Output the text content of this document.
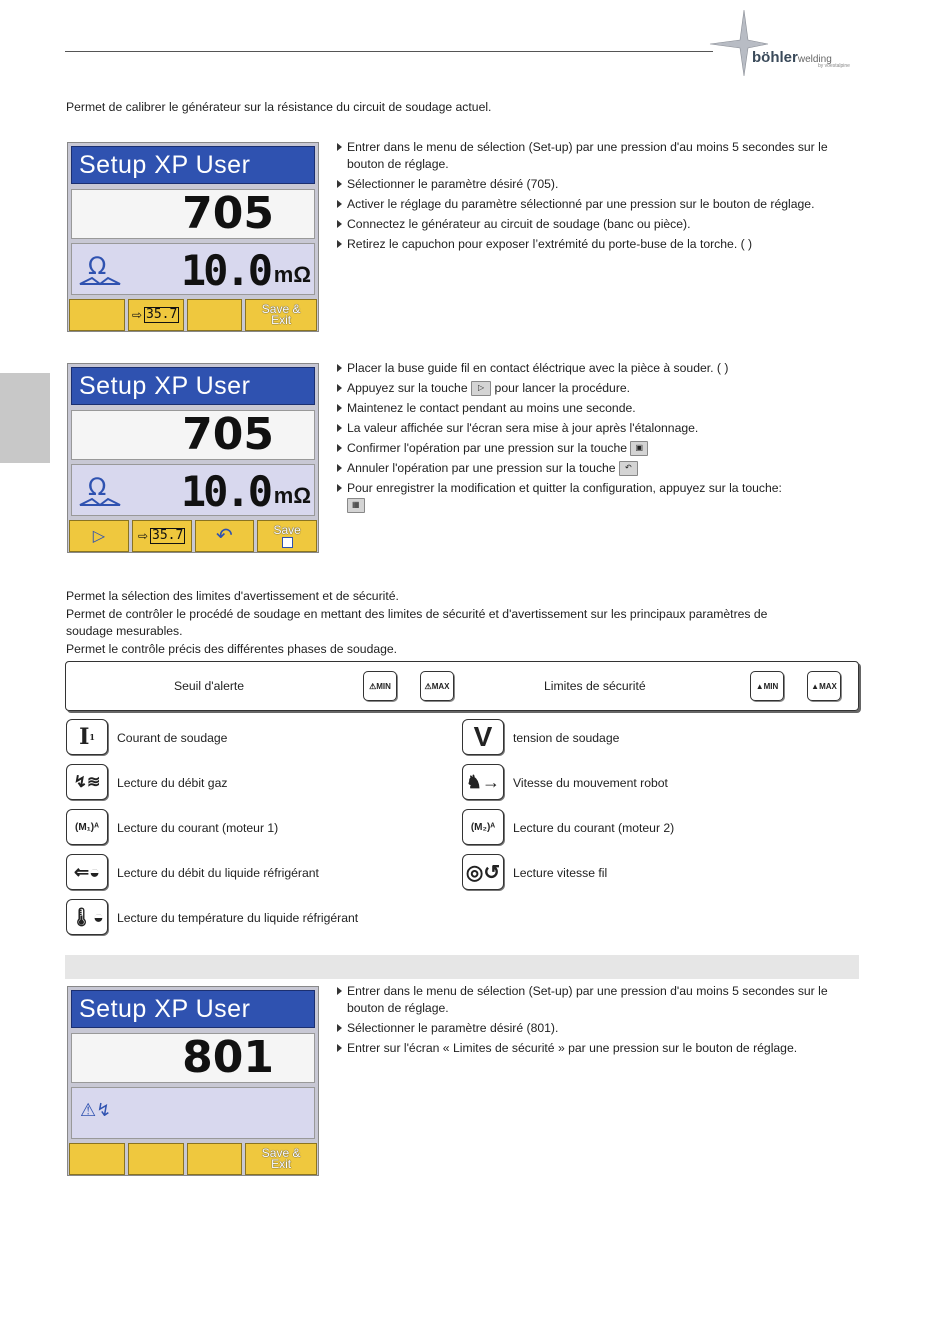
böhlerwelding
by voestalpine
Permet de calibrer le générateur sur la résistance du circuit de soudage actuel.
Setup XP User
705
Ω 10.0 mΩ
⇨ 35.7	Save & Exit
Entrer dans le menu de sélection (Set-up) par une pression d'au moins 5 secondes sur le bouton de réglage.
Sélectionner le paramètre désiré (705).
Activer le réglage du paramètre sélectionné par une pression sur le bouton de réglage.
Connectez le générateur au circuit de soudage (banc ou pièce).
Retirez le capuchon pour exposer l’extrémité du porte-buse de la torche. ( )
Setup XP User
705
Ω 10.0 mΩ
▷	⇨ 35.7 ↶	Save
Placer la buse guide fil en contact éléctrique avec la pièce à souder. ( )
Appuyez sur la touche ▷ pour lancer la procédure.
Maintenez le contact pendant au moins une seconde.
La valeur affichée sur l'écran sera mise à jour après l'étalonnage.
Confirmer l'opération par une pression sur la touche ▣
Annuler l'opération par une pression sur la touche ↶
Pour enregistrer la modification et quitter la configuration, appuyez sur la touche:
▦
Permet la sélection des limites d'avertissement et de sécurité.
Permet de contrôler le procédé de soudage en mettant des limites de sécurité et d'avertissement sur les principaux paramètres de soudage mesurables.
Permet le contrôle précis des différentes phases de soudage.
Seuil d'alerte	⚠ MIN	⚠ MAX	Limites de sécurité	▲ MIN	▲ MAX
I 1 Courant de soudage	V	tension de soudage
↯≋	Lecture du débit gaz	♞→	Vitesse du mouvement robot
(M₁)ᴬ	Lecture du courant (moteur 1)	(M₂)ᴬ	Lecture du courant (moteur 2)
⇐◒	Lecture du débit du liquide réfrigérant	◎↺	Lecture vitesse fil
🌡◒	Lecture du température du liquide réfrigérant
Setup XP User
801
⚠↯
Save & Exit
Entrer dans le menu de sélection (Set-up) par une pression d'au moins 5 secondes sur le bouton de réglage.
Sélectionner le paramètre désiré (801).
Entrer sur l'écran « Limites de sécurité » par une pression sur le bouton de réglage.
